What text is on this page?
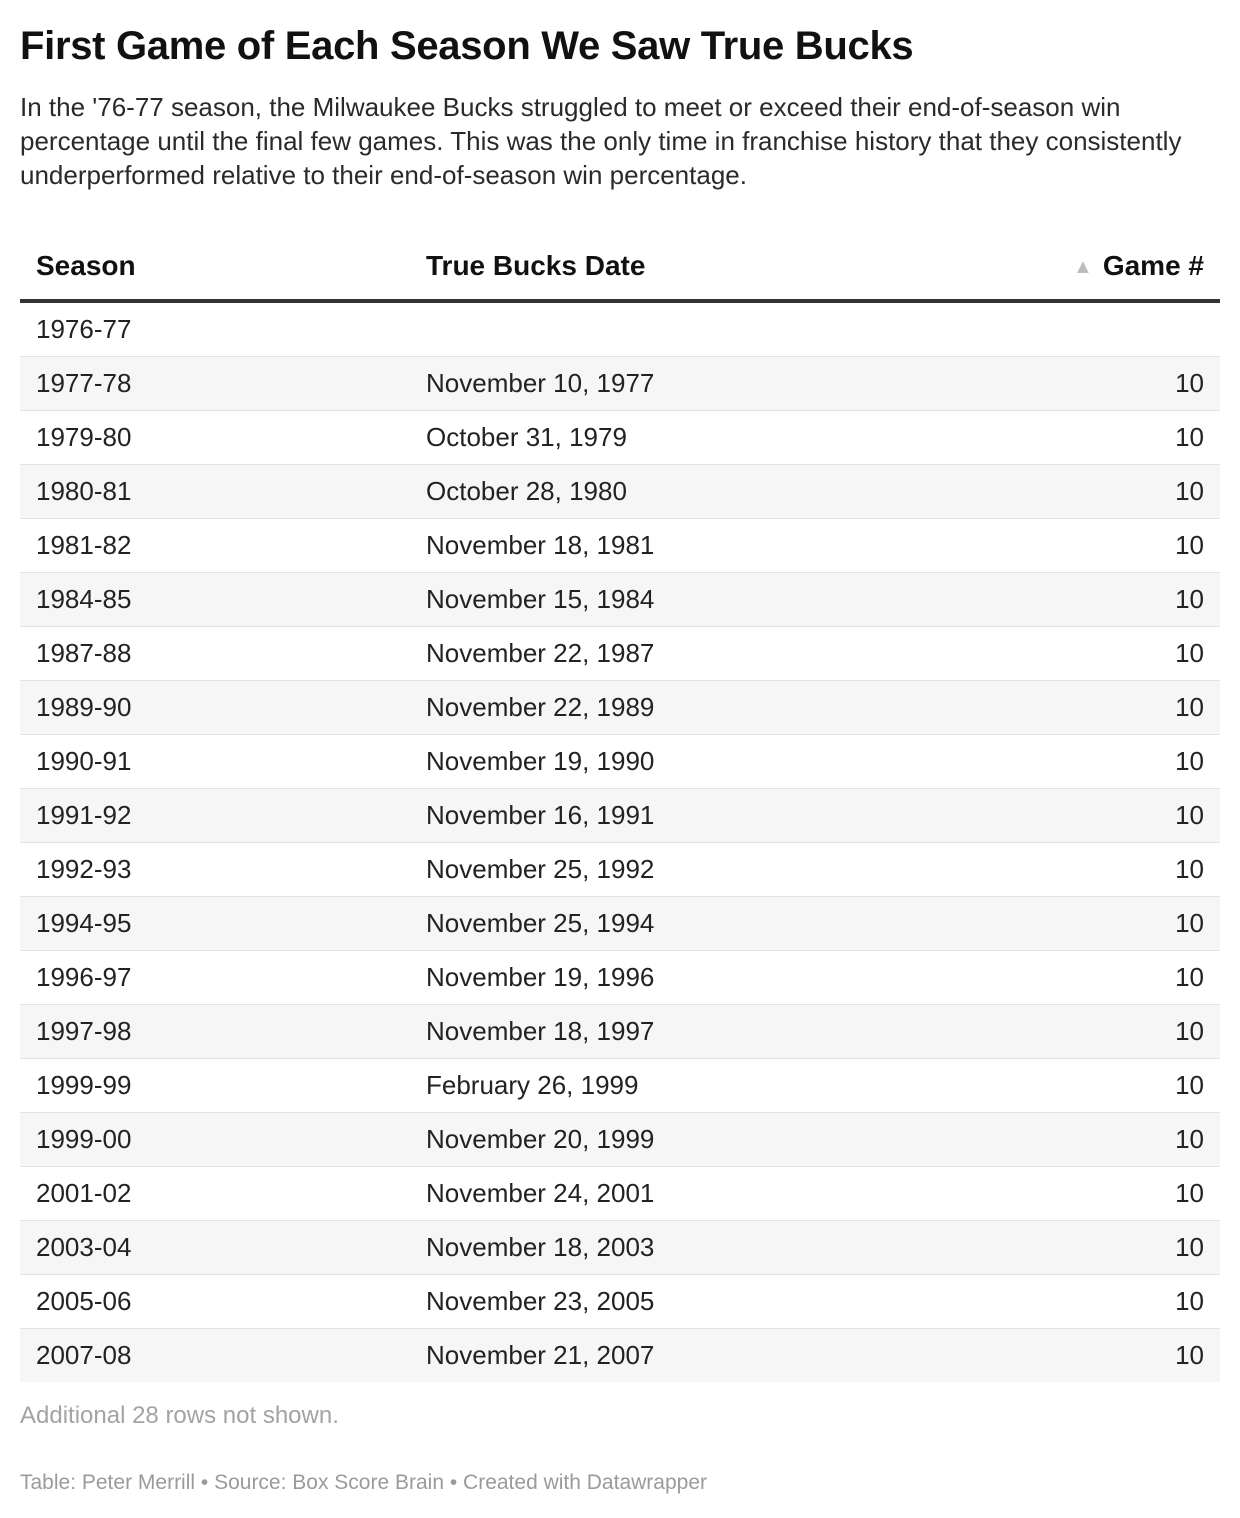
First Game of Each Season We Saw True Bucks

In the '76-77 season, the Milwaukee Bucks struggled to meet or exceed their end-of-season win percentage until the final few games. This was the only time in franchise history that they consistently underperformed relative to their end-of-season win percentage.

Season	True Bucks Date	▲ Game #
1976-77		
1977-78	November 10, 1977	10
1979-80	October 31, 1979	10
1980-81	October 28, 1980	10
1981-82	November 18, 1981	10
1984-85	November 15, 1984	10
1987-88	November 22, 1987	10
1989-90	November 22, 1989	10
1990-91	November 19, 1990	10
1991-92	November 16, 1991	10
1992-93	November 25, 1992	10
1994-95	November 25, 1994	10
1996-97	November 19, 1996	10
1997-98	November 18, 1997	10
1999-99	February 26, 1999	10
1999-00	November 20, 1999	10
2001-02	November 24, 2001	10
2003-04	November 18, 2003	10
2005-06	November 23, 2005	10
2007-08	November 21, 2007	10
Additional 28 rows not shown.
Table: Peter Merrill • Source: Box Score Brain • Created with Datawrapper
